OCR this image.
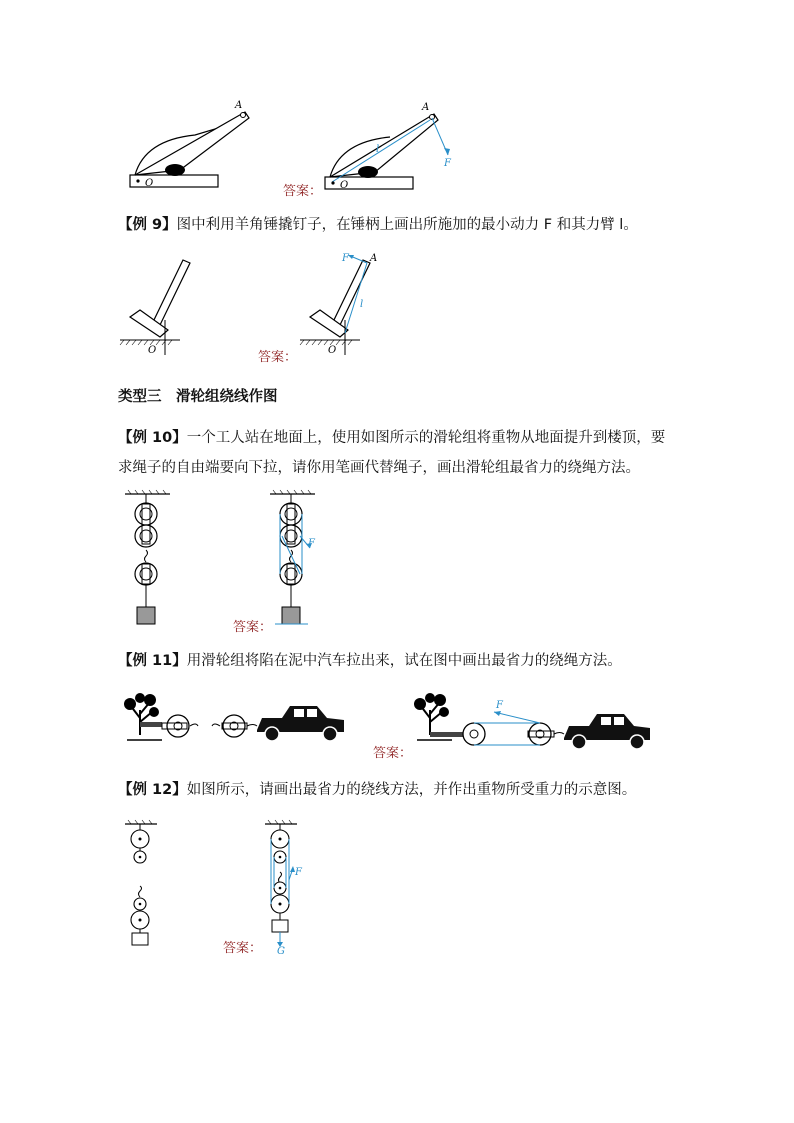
O
A
O
A
l
F
答案：
【例 9】图中利用羊角锤撬钉子，在锤柄上画出所施加的最小动力 F 和其力臂 l。
O
A
F
l
O
答案：
类型三　滑轮组绕线作图
【例 10】一个工人站在地面上，使用如图所示的滑轮组将重物从地面提升到楼顶，要求绳子的自由端要向下拉，请你用笔画代替绳子，画出滑轮组最省力的绕绳方法。
F
答案：
【例 11】用滑轮组将陷在泥中汽车拉出来，试在图中画出最省力的绕绳方法。
F
答案：
【例 12】如图所示，请画出最省力的绕线方法，并作出重物所受重力的示意图。
F
G
答案：
